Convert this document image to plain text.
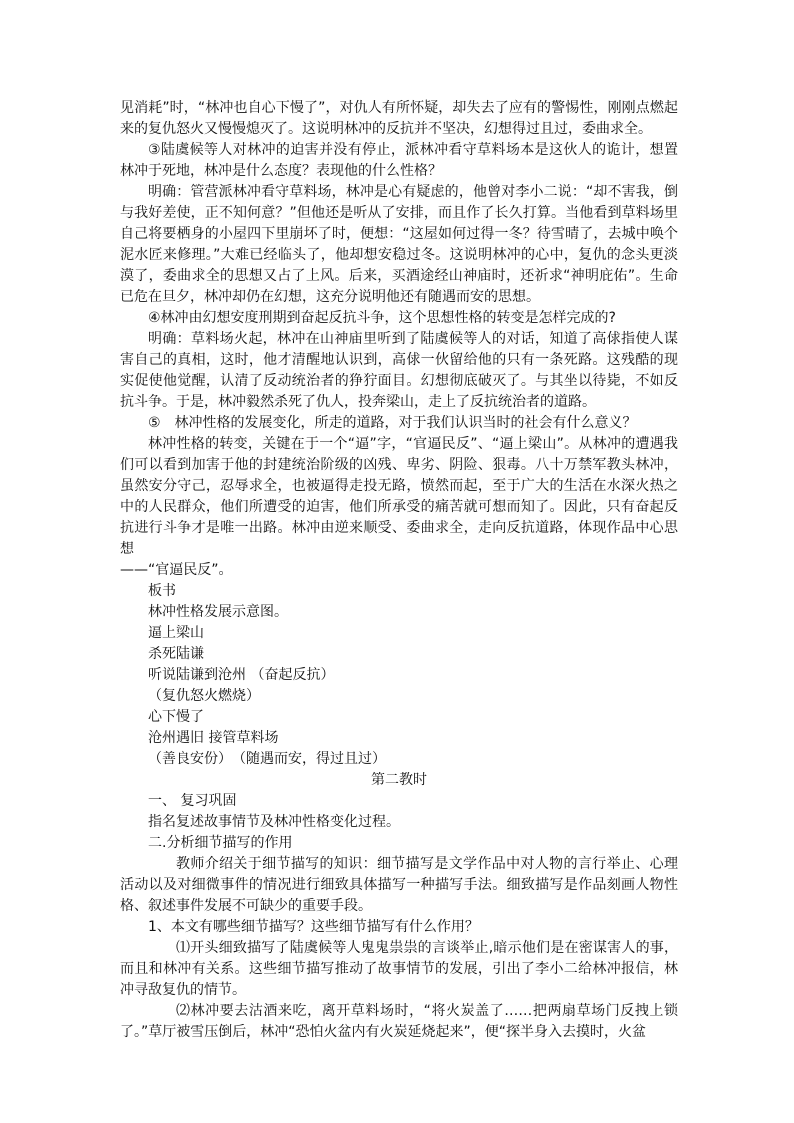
见消耗”时，“林冲也自心下慢了”，对仇人有所怀疑，却失去了应有的警惕性，刚刚点燃起来的复仇怒火又慢慢熄灭了。这说明林冲的反抗并不坚决，幻想得过且过，委曲求全。

③陆虞候等人对林冲的迫害并没有停止，派林冲看守草料场本是这伙人的诡计，想置林冲于死地，林冲是什么态度？表现他的什么性格？

明确：管营派林冲看守草料场，林冲是心有疑虑的，他曾对李小二说：“却不害我，倒与我好差使，正不知何意？”但他还是听从了安排，而且作了长久打算。当他看到草料场里自己将要栖身的小屋四下里崩坏了时，便想：“这屋如何过得一冬？待雪晴了，去城中唤个泥水匠来修理。”大难已经临头了，他却想安稳过冬。这说明林冲的心中，复仇的念头更淡漠了，委曲求全的思想又占了上风。后来，买酒途经山神庙时，还祈求“神明庇佑”。生命已危在旦夕，林冲却仍在幻想，这充分说明他还有随遇而安的思想。

④林冲由幻想安度刑期到奋起反抗斗争，这个思想性格的转变是怎样完成的?

明确：草料场火起，林冲在山神庙里听到了陆虞候等人的对话，知道了高俅指使人谋害自己的真相，这时，他才清醒地认识到，高俅一伙留给他的只有一条死路。这残酷的现实促使他觉醒，认清了反动统治者的狰狞面目。幻想彻底破灭了。与其坐以待毙，不如反抗斗争。于是，林冲毅然杀死了仇人，投奔梁山，走上了反抗统治者的道路。

⑤　林冲性格的发展变化，所走的道路，对于我们认识当时的社会有什么意义？

林冲性格的转变，关键在于一个“逼”字，“官逼民反”、“逼上梁山”。从林冲的遭遇我们可以看到加害于他的封建统治阶级的凶残、卑劣、阴险、狠毒。八十万禁军教头林冲，虽然安分守己，忍辱求全，也被逼得走投无路，愤然而起，至于广大的生活在水深火热之中的人民群众，他们所遭受的迫害，他们所承受的痛苦就可想而知了。因此，只有奋起反抗进行斗争才是唯一出路。林冲由逆来顺受、委曲求全，走向反抗道路，体现作品中心思想

——“官逼民反”。

板书

林冲性格发展示意图。

逼上梁山

杀死陆谦

听说陆谦到沧州 （奋起反抗）

（复仇怒火燃烧）

心下慢了

沧州遇旧 接管草料场

（善良安份）　（随遇而安，得过且过）

第二教时

一、 复习巩固

指名复述故事情节及林冲性格变化过程。

二.分析细节描写的作用

教师介绍关于细节描写的知识：细节描写是文学作品中对人物的言行举止、心理活动以及对细微事件的情况进行细致具体描写一种描写手法。细致描写是作品刻画人物性格、叙述事件发展不可缺少的重要手段。

1、本文有哪些细节描写？这些细节描写有什么作用？

⑴开头细致描写了陆虞候等人鬼鬼祟祟的言谈举止,暗示他们是在密谋害人的事，而且和林冲有关系。这些细节描写推动了故事情节的发展，引出了李小二给林冲报信，林冲寻敌复仇的情节。

⑵林冲要去沽酒来吃，离开草料场时，“将火炭盖了……把两扇草场门反拽上锁了。”草厅被雪压倒后，林冲“恐怕火盆内有火炭延烧起来”，便“探半身入去摸时，火盆
